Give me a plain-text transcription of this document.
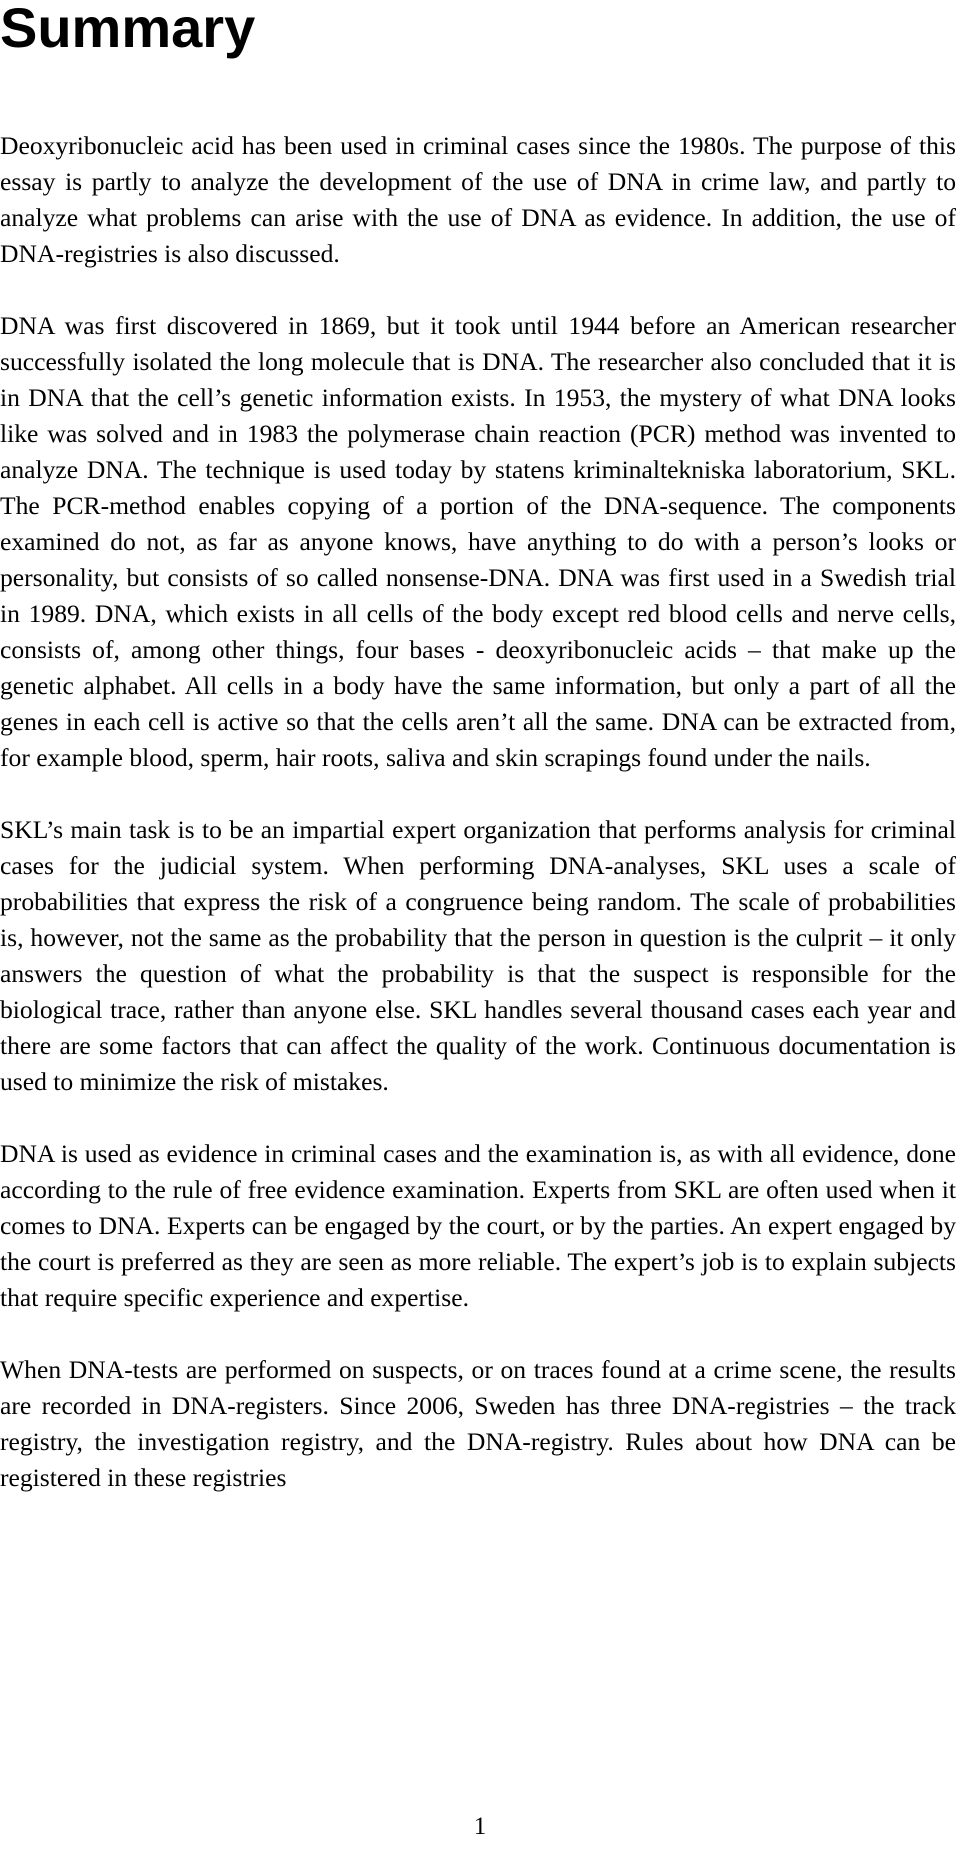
Summary

Deoxyribonucleic acid has been used in criminal cases since the 1980s. The purpose of this essay is partly to analyze the development of the use of DNA in crime law, and partly to analyze what problems can arise with the use of DNA as evidence. In addition, the use of DNA-registries is also discussed.

DNA was first discovered in 1869, but it took until 1944 before an American researcher successfully isolated the long molecule that is DNA. The researcher also concluded that it is in DNA that the cell’s genetic information exists. In 1953, the mystery of what DNA looks like was solved and in 1983 the polymerase chain reaction (PCR) method was invented to analyze DNA. The technique is used today by statens kriminaltekniska laboratorium, SKL. The PCR-method enables copying of a portion of the DNA-sequence. The components examined do not, as far as anyone knows, have anything to do with a person’s looks or personality, but consists of so called nonsense-DNA. DNA was first used in a Swedish trial in 1989. DNA, which exists in all cells of the body except red blood cells and nerve cells, consists of, among other things, four bases - deoxyribonucleic acids – that make up the genetic alphabet. All cells in a body have the same information, but only a part of all the genes in each cell is active so that the cells aren’t all the same. DNA can be extracted from, for example blood, sperm, hair roots, saliva and skin scrapings found under the nails.

SKL’s main task is to be an impartial expert organization that performs analysis for criminal cases for the judicial system. When performing DNA-analyses, SKL uses a scale of probabilities that express the risk of a congruence being random. The scale of probabilities is, however, not the same as the probability that the person in question is the culprit – it only answers the question of what the probability is that the suspect is responsible for the biological trace, rather than anyone else. SKL handles several thousand cases each year and there are some factors that can affect the quality of the work. Continuous documentation is used to minimize the risk of mistakes.

DNA is used as evidence in criminal cases and the examination is, as with all evidence, done according to the rule of free evidence examination. Experts from SKL are often used when it comes to DNA. Experts can be engaged by the court, or by the parties. An expert engaged by the court is preferred as they are seen as more reliable. The expert’s job is to explain subjects that require specific experience and expertise.

When DNA-tests are performed on suspects, or on traces found at a crime scene, the results are recorded in DNA-registers. Since 2006, Sweden has three DNA-registries – the track registry, the investigation registry, and the DNA-registry. Rules about how DNA can be registered in these registries

1
